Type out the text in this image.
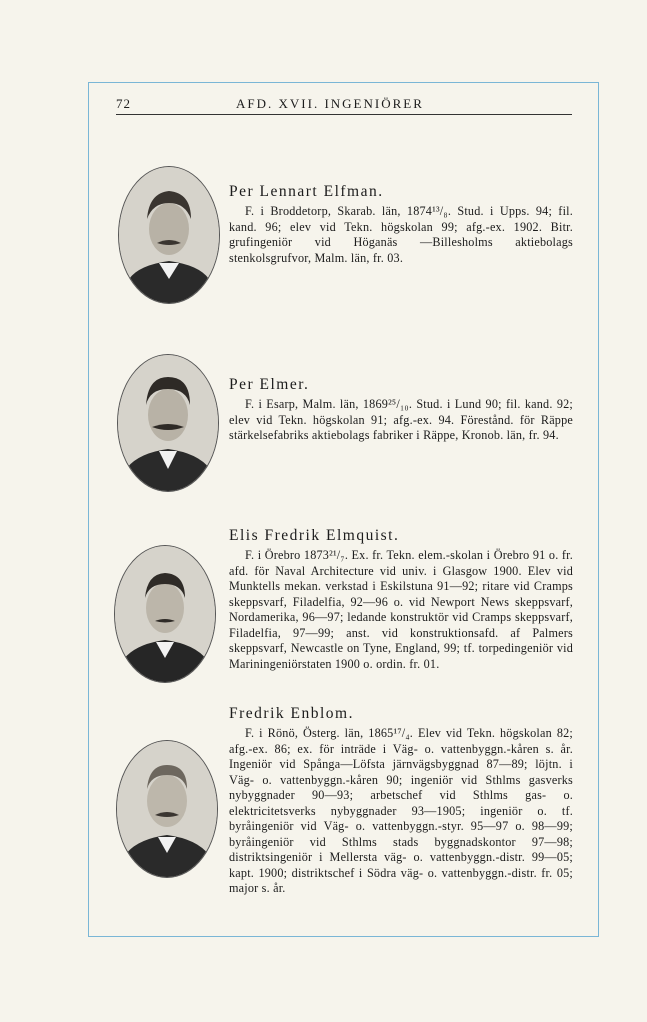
72	AFD. XVII. INGENIÖRER
Per Lennart Elfman.
F. i Broddetorp, Skarab. län, 1874¹³/₈. Stud. i Upps. 94; fil. kand. 96; elev vid Tekn. högskolan 99; afg.-ex. 1902. Bitr. grufingeniör vid Höganäs —Billesholms aktiebolags stenkolsgrufvor, Malm. län, fr. 03.
Per Elmer.
F. i Esarp, Malm. län, 1869²⁵/₁₀. Stud. i Lund 90; fil. kand. 92; elev vid Tekn. högskolan 91; afg.-ex. 94. Förestånd. för Räppe stärkelsefabriks aktiebolags fabriker i Räppe, Kronob. län, fr. 94.
Elis Fredrik Elmquist.
F. i Örebro 1873²¹/₇. Ex. fr. Tekn. elem.-skolan i Örebro 91 o. fr. afd. för Naval Architecture vid univ. i Glasgow 1900. Elev vid Munktells mekan. verkstad i Eskilstuna 91—92; ritare vid Cramps skeppsvarf, Filadelfia, 92—96 o. vid Newport News skeppsvarf, Nordamerika, 96—97; ledande konstruktör vid Cramps skeppsvarf, Filadelfia, 97—99; anst. vid konstruktionsafd. af Palmers skeppsvarf, Newcastle on Tyne, England, 99; tf. torpedingeniör vid Mariningeniörstaten 1900 o. ordin. fr. 01.
Fredrik Enblom.
F. i Rönö, Österg. län, 1865¹⁷/₄. Elev vid Tekn. högskolan 82; afg.-ex. 86; ex. för inträde i Väg- o. vattenbyggn.-kåren s. år. Ingeniör vid Spånga—Löfsta järnvägsbyggnad 87—89; löjtn. i Väg- o. vattenbyggn.-kåren 90; ingeniör vid Sthlms gasverks nybyggnader 90—93; arbetschef vid Sthlms gas- o. elektricitetsverks nybyggnader 93—1905; ingeniör o. tf. byråingeniör vid Väg- o. vattenbyggn.-styr. 95—97 o. 98—99; byråingeniör vid Sthlms stads byggnadskontor 97—98; distriktsingeniör i Mellersta väg- o. vattenbyggn.-distr. 99—05; kapt. 1900; distriktschef i Södra väg- o. vattenbyggn.-distr. fr. 05; major s. år.
